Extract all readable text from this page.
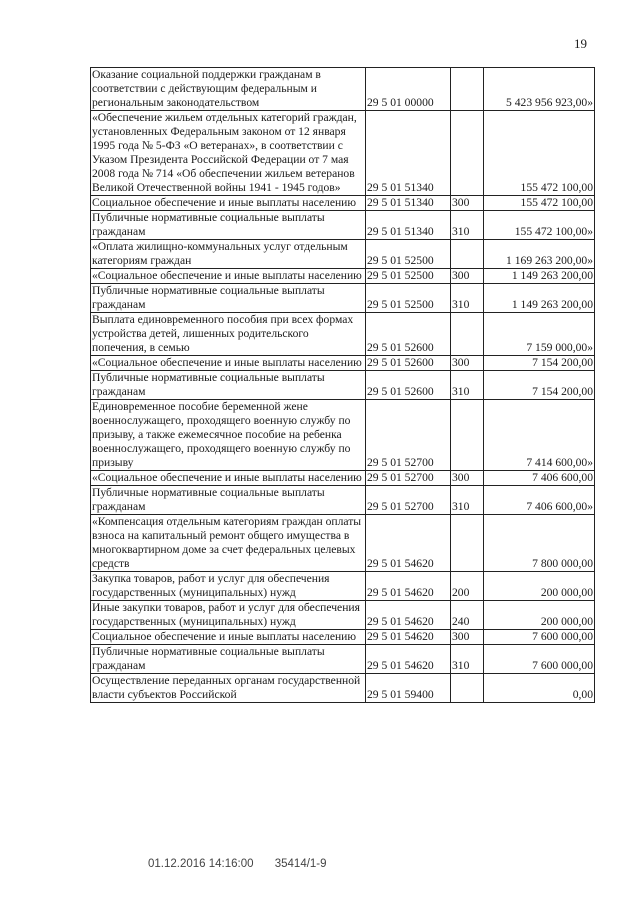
19
Оказание социальной поддержки гражданам в соответствии с действующим федеральным и региональным законодательством	29 5 01 00000		5 423 956 923,00»
«Обеспечение жильем отдельных категорий граждан, установленных Федеральным законом от 12 января 1995 года № 5-ФЗ «О ветеранах», в соответствии с Указом Президента Российской Федерации от 7 мая 2008 года № 714 «Об обеспечении жильем ветеранов Великой Отечественной войны 1941 - 1945 годов»	29 5 01 51340		155 472 100,00
Социальное обеспечение и иные выплаты населению	29 5 01 51340	300	155 472 100,00
Публичные нормативные социальные выплаты гражданам	29 5 01 51340	310	155 472 100,00»
«Оплата жилищно-коммунальных услуг отдельным категориям граждан	29 5 01 52500		1 169 263 200,00»
«Социальное обеспечение и иные выплаты населению	29 5 01 52500	300	1 149 263 200,00
Публичные нормативные социальные выплаты гражданам	29 5 01 52500	310	1 149 263 200,00
Выплата единовременного пособия при всех формах устройства детей, лишенных родительского попечения, в семью	29 5 01 52600		7 159 000,00»
«Социальное обеспечение и иные выплаты населению	29 5 01 52600	300	7 154 200,00
Публичные нормативные социальные выплаты гражданам	29 5 01 52600	310	7 154 200,00
Единовременное пособие беременной жене военнослужащего, проходящего военную службу по призыву, а также ежемесячное пособие на ребенка военнослужащего, проходящего военную службу по призыву	29 5 01 52700		7 414 600,00»
«Социальное обеспечение и иные выплаты населению	29 5 01 52700	300	7 406 600,00
Публичные нормативные социальные выплаты гражданам	29 5 01 52700	310	7 406 600,00»
«Компенсация отдельным категориям граждан оплаты взноса на капитальный ремонт общего имущества в многоквартирном доме за счет федеральных целевых средств	29 5 01 54620		7 800 000,00
Закупка товаров, работ и услуг для обеспечения государственных (муниципальных) нужд	29 5 01 54620	200	200 000,00
Иные закупки товаров, работ и услуг для обеспечения государственных (муниципальных) нужд	29 5 01 54620	240	200 000,00
Социальное обеспечение и иные выплаты населению	29 5 01 54620	300	7 600 000,00
Публичные нормативные социальные выплаты гражданам	29 5 01 54620	310	7 600 000,00
Осуществление переданных органам государственной власти субъектов Российской	29 5 01 59400		0,00
01.12.2016 14:16:00 35414/1-9
